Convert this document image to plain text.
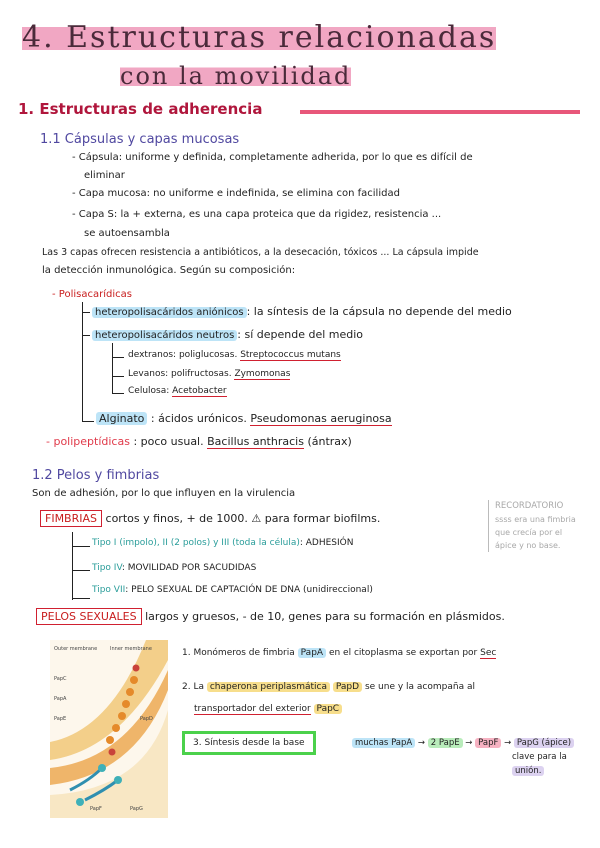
4. Estructuras relacionadas
con la movilidad
1. Estructuras de adherencia
1.1 Cápsulas y capas mucosas
- Cápsula: uniforme y definida, completamente adherida, por lo que es difícil de
eliminar
- Capa mucosa: no uniforme e indefinida, se elimina con facilidad
- Capa S: la + externa, es una capa proteica que da rigidez, resistencia ...
se autoensambla
Las 3 capas ofrecen resistencia a antibióticos, a la desecación, tóxicos ... La cápsula impide
la detección inmunológica. Según su composición:
- Polisacarídicas
heteropolisacáridos aniónicos : la síntesis de la cápsula no depende del medio
heteropolisacáridos neutros : sí depende del medio
dextranos: poliglucosas. Streptococcus mutans
Levanos: polifructosas. Zymomonas
Celulosa: Acetobacter
Alginato : ácidos urónicos. Pseudomonas aeruginosa
- polipeptídicas : poco usual. Bacillus anthracis (ántrax)
1.2 Pelos y fimbrias
Son de adhesión, por lo que influyen en la virulencia
FIMBRIAS cortos y finos, + de 1000. ⚠ para formar biofilms.
Tipo I (impolo), II (2 polos) y III (toda la célula): ADHESIÓN
Tipo IV: MOVILIDAD POR SACUDIDAS
Tipo VII: PELO SEXUAL DE CAPTACIÓN DE DNA (unidireccional)
RECORDATORIO
ssss era una fimbria
que crecía por el
ápice y no base.
PELOS SEXUALES largos y gruesos, - de 10, genes para su formación en plásmidos.
Outer membrane	Inner membrane
PapC
PapD
PapA
PapE
PapF	PapG
1. Monómeros de fimbria PapA en el citoplasma se exportan por Sec
2. La chaperona periplasmática PapD se une y la acompaña al
transportador del exterior PapC
3. Síntesis desde la base	muchas PapA → 2 PapE → PapF → PapG (ápice)
clave para la
unión.
